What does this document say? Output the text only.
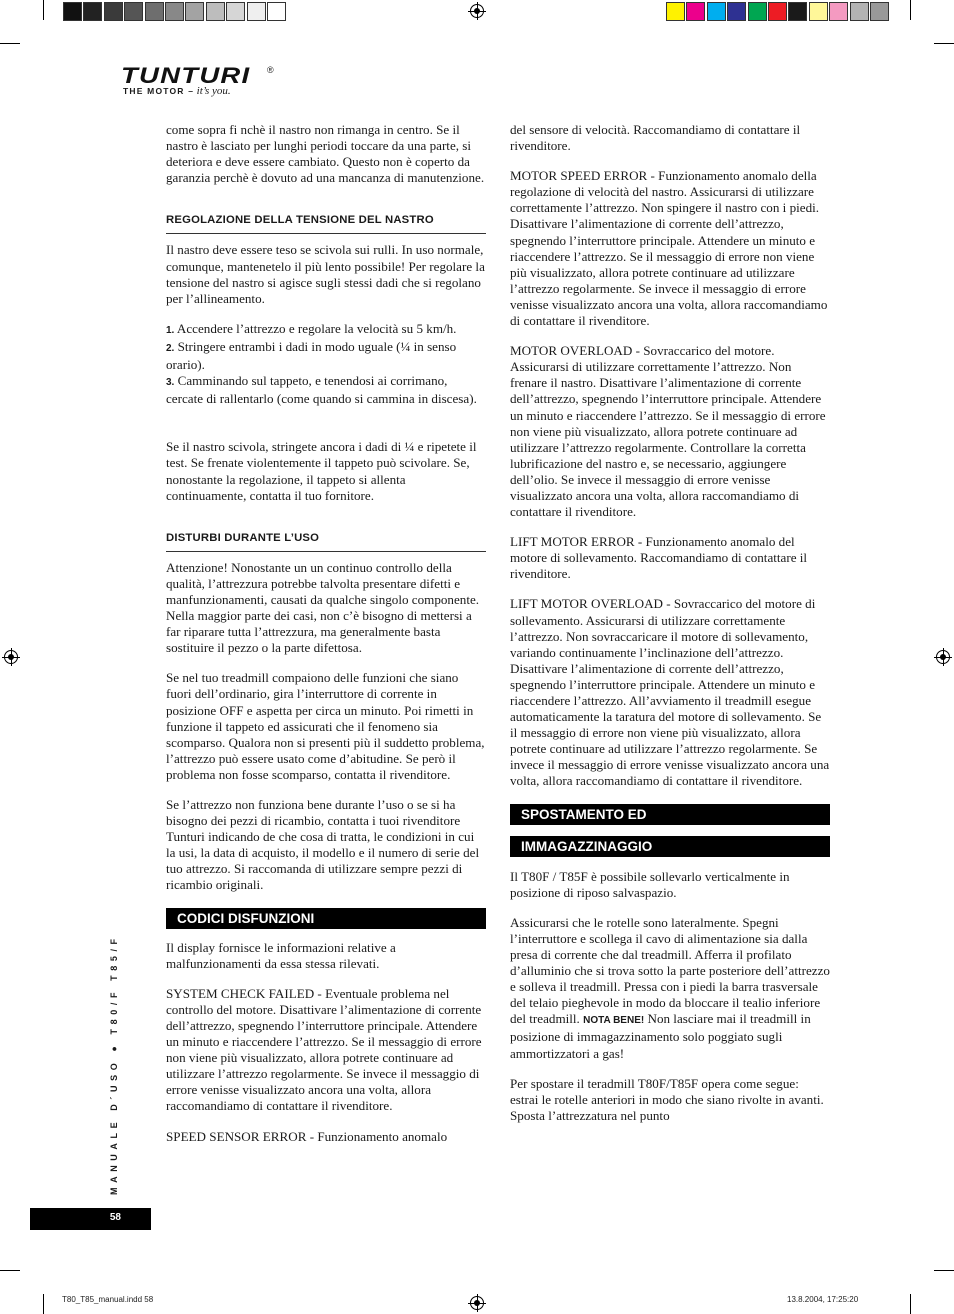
TUNTURI ®
THE MOTOR – it’s you.

come sopra fi nchè il nastro non rimanga in centro. Se il nastro è lasciato per lunghi periodi toccare da una parte, si deteriora e deve essere cambiato. Questo non è coperto da garanzia perchè è dovuto ad una mancanza di manutenzione.

REGOLAZIONE DELLA TENSIONE DEL NASTRO

Il nastro deve essere teso se scivola sui rulli. In uso normale, comunque, mantenetelo il più lento possibile! Per regolare la tensione del nastro si agisce sugli stessi dadi che si regolano per l’allineamento.

1. Accendere l’attrezzo e regolare la velocità su 5 km/h.
2. Stringere entrambi i dadi in modo uguale (¼ in senso orario).
3. Camminando sul tappeto, e tenendosi ai corrimano, cercate di rallentarlo (come quando si cammina in discesa).

Se il nastro scivola, stringete ancora i dadi di ¼ e ripetete il test. Se frenate violentemente il tappeto può scivolare. Se, nonostante la regolazione, il tappeto si allenta continuamente, contatta il tuo fornitore.

DISTURBI DURANTE L’USO

Attenzione! Nonostante un un continuo controllo della qualità, l’attrezzura potrebbe talvolta presentare difetti e manfunzionamenti, causati da qualche singolo componente. Nella maggior parte dei casi, non c’è bisogno di mettersi a far riparare tutta l’attrezzura, ma generalmente basta sostituire il pezzo o la parte difettosa.

Se nel tuo treadmill compaiono delle funzioni che siano fuori dell’ordinario, gira l’interruttore di corrente in posizione OFF e aspetta per circa un minuto. Poi rimetti in funzione il tappeto ed assicurati che il fenomeno sia scomparso. Qualora non si presenti più il suddetto problema, l’attrezzo può essere usato come d’abitudine. Se però il problema non fosse scomparso, contatta il rivenditore.

Se l’attrezzo non funziona bene durante l’uso o se si ha bisogno dei pezzi di ricambio, contatta i tuoi rivenditore Tunturi indicando de che cosa di tratta, le condizioni in cui la usi, la data di acquisto, il modello e il numero di serie del tuo attrezzo. Si raccomanda di utilizzare sempre pezzi di ricambio originali.

CODICI DISFUNZIONI

Il display fornisce le informazioni relative a malfunzionamenti da essa stessa rilevati.

SYSTEM CHECK FAILED - Eventuale problema nel controllo del motore. Disattivare l’alimentazione di corrente dell’attrezzo, spegnendo l’interruttore principale. Attendere un minuto e riaccendere l’attrezzo. Se il messaggio di errore non viene più visualizzato, allora potrete continuare ad utilizzare l’attrezzo regolarmente. Se invece il messaggio di errore venisse visualizzato ancora una volta, allora raccomandiamo di contattare il rivenditore.

SPEED SENSOR ERROR - Funzionamento anomalo

del sensore di velocità. Raccomandiamo di contattare il rivenditore.

MOTOR SPEED ERROR - Funzionamento anomalo della regolazione di velocità del nastro. Assicurarsi di utilizzare correttamente l’attrezzo. Non spingere il nastro con i piedi. Disattivare l’alimentazione di corrente dell’attrezzo, spegnendo l’interruttore principale. Attendere un minuto e riaccendere l’attrezzo. Se il messaggio di errore non viene più visualizzato, allora potrete continuare ad utilizzare l’attrezzo regolarmente. Se invece il messaggio di errore venisse visualizzato ancora una volta, allora raccomandiamo di contattare il rivenditore.

MOTOR OVERLOAD - Sovraccarico del motore. Assicurarsi di utilizzare correttamente l’attrezzo. Non frenare il nastro. Disattivare l’alimentazione di corrente dell’attrezzo, spegnendo l’interruttore principale. Attendere un minuto e riaccendere l’attrezzo. Se il messaggio di errore non viene più visualizzato, allora potrete continuare ad utilizzare l’attrezzo regolarmente. Controllare la corretta lubrificazione del nastro e, se necessario, aggiungere dell’olio. Se invece il messaggio di errore venisse visualizzato ancora una volta, allora raccomandiamo di contattare il rivenditore.

LIFT MOTOR ERROR - Funzionamento anomalo del motore di sollevamento. Raccomandiamo di contattare il rivenditore.

LIFT MOTOR OVERLOAD - Sovraccarico del motore di sollevamento. Assicurarsi di utilizzare correttamente l’attrezzo. Non sovraccaricare il motore di sollevamento, variando continuamente l’inclinazione dell’attrezzo. Disattivare l’alimentazione di corrente dell’attrezzo, spegnendo l’interruttore principale. Attendere un minuto e riaccendere l’attrezzo. All’avviamento il treadmill esegue automaticamente la taratura del motore di sollevamento. Se il messaggio di errore non viene più visualizzato, allora potrete continuare ad utilizzare l’attrezzo regolarmente. Se invece il messaggio di errore venisse visualizzato ancora una volta, allora raccomandiamo di contattare il rivenditore.

SPOSTAMENTO ED
IMMAGAZZINAGGIO

Il T80F / T85F è possibile sollevarlo verticalmente in posizione di riposo salvaspazio.

Assicurarsi che le rotelle sono lateralmente. Spegni l’interruttore e scollega il cavo di alimentazione sia dalla presa di corrente che dal treadmill. Afferra il profilato d’alluminio che si trova sotto la parte posteriore dell’attrezzo e solleva il treadmill. Pressa con i piedi la barra trasversale del telaio pieghevole in modo da bloccare il tealio inferiore del treadmill. NOTA BENE! Non lasciare mai il treadmill in posizione di immagazzinamento solo poggiato sugli ammortizzatori a gas!

Per spostare il teradmill T80F/T85F opera come segue: estrai le rotelle anteriori in modo che siano rivolte in avanti. Sposta l’attrezzatura nel punto

MANUALE D´USO ● T80/F T85/F
58
T80_T85_manual.indd 58	13.8.2004, 17:25:20
